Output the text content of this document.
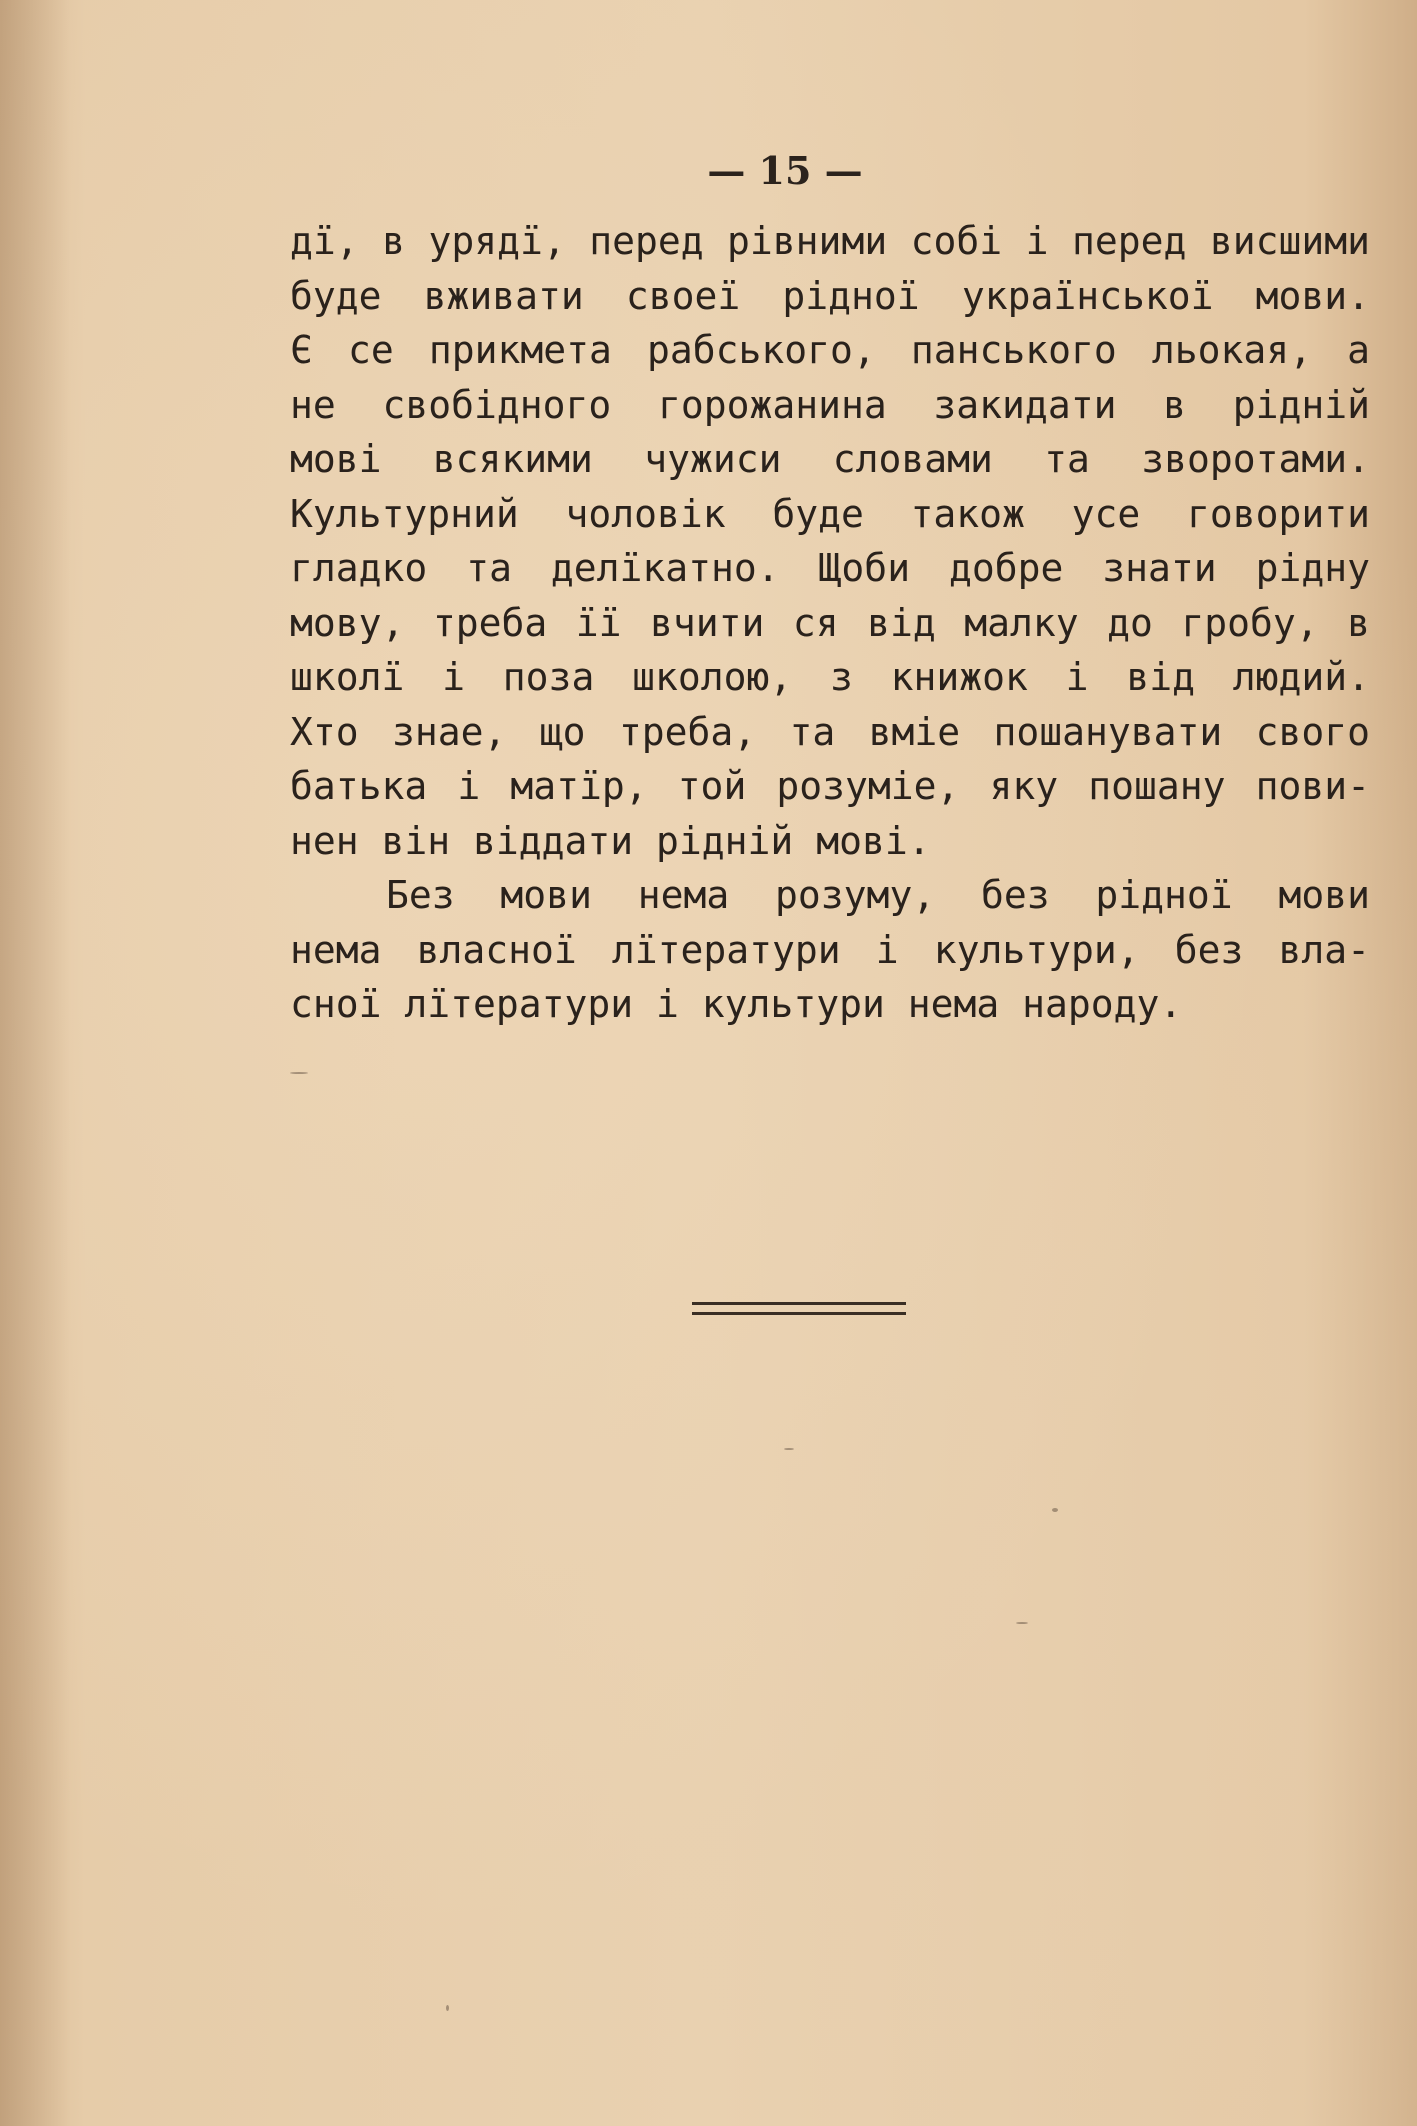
— 15 —
дї, в урядї, перед рівними собі і перед висшими
буде вживати своеї рідної української мови.
Є се прикмета рабського, панського льокая, а
не свобідного горожанина закидати в рідній
мові всякими чужиси словами та зворотами.
Культурний чоловік буде також усе говорити
гладко та делїкатно. Щоби добре знати рідну
мову, треба її вчити ся від малку до гробу, в
школї і поза школою, з книжок і від людий.
Хто знае, що треба, та вміе пошанувати свого
батька і матїр, той розуміе, яку пошану пови-
нен він віддати рідній мові.
Без мови нема розуму, без рідної мови
нема власної лїтератури і культури, без вла-
сної лїтератури і культури нема народу.
